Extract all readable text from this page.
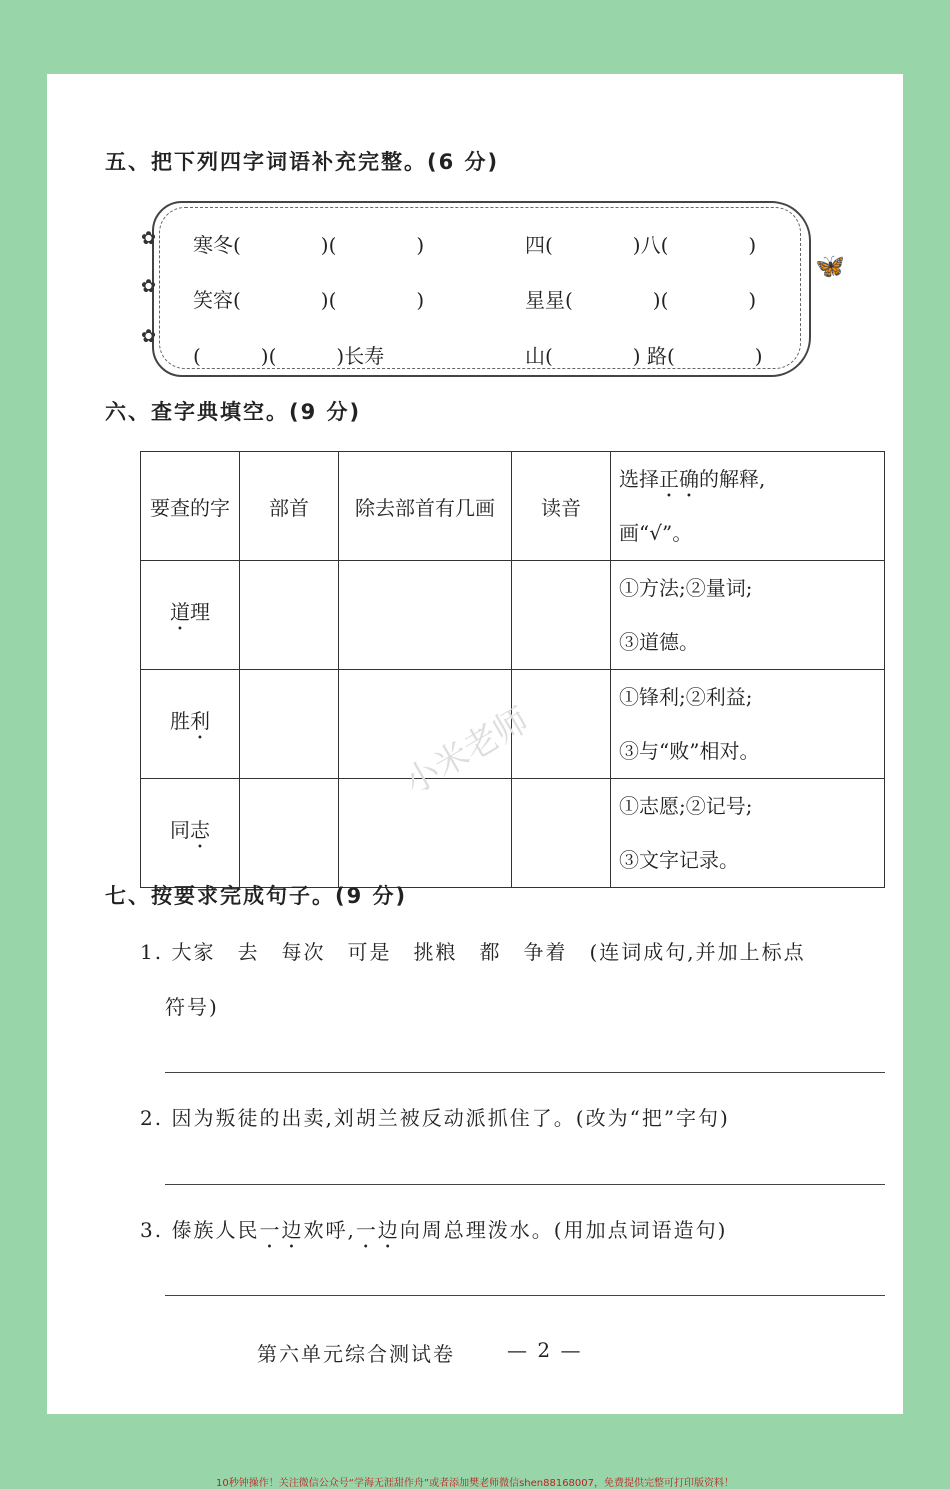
五、把下列四字词语补充完整。(6 分)
✿
✿
✿
🦋
寒冬(　　　　)(　　　　)	四(　　　　)八(　　　　)
笑容(　　　　)(　　　　)	星星(　　　　)(　　　　)
(　　　)(　　　)长寿	山(　　　　) 路(　　　　)
六、查字典填空。(9 分)
要查的字	部首	除去部首有几画	读音	选择正确的解释,
画“√”。
道理				①方法;②量词;
③道德。
胜利				①锋利;②利益;
③与“败”相对。
同志				①志愿;②记号;
③文字记录。
小米老师
七、按要求完成句子。(9 分)
1. 大家　去　每次　可是　挑粮　都　争着　(连词成句,并加上标点
符号)
2. 因为叛徒的出卖,刘胡兰被反动派抓住了。(改为“把”字句)
3. 傣族人民一边欢呼,一边向周总理泼水。(用加点词语造句)
第六单元综合测试卷	— 2 —
10秒钟操作！关注微信公众号“学海无涯甜作舟”或者添加樊老师微信shen88168007，免费提供完整可打印版资料！
